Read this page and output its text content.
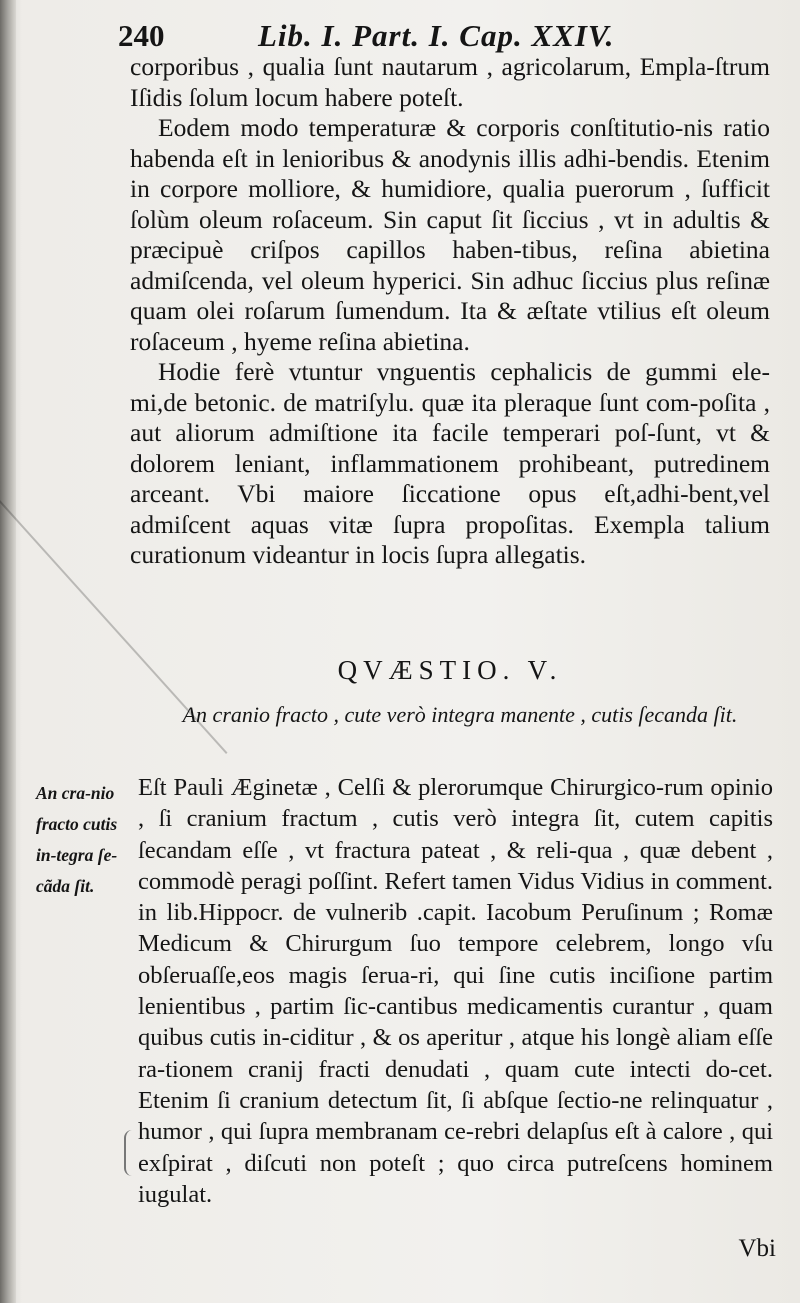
240	Lib. I. Part. I. Cap. XXIV.

corporibus , qualia ſunt nautarum , agricolarum, Empla-ſtrum Iſidis ſolum locum habere poteſt.

Eodem modo temperaturæ & corporis conſtitutio-nis ratio habenda eſt in lenioribus & anodynis illis adhi-bendis. Etenim in corpore molliore, & humidiore, qualia puerorum , ſufficit ſolùm oleum roſaceum. Sin caput ſit ſiccius , vt in adultis & præcipuè criſpos capillos haben-tibus, reſina abietina admiſcenda, vel oleum hyperici. Sin adhuc ſiccius plus reſinæ quam olei roſarum ſumendum. Ita & æſtate vtilius eſt oleum roſaceum , hyeme reſina abietina.

Hodie ferè vtuntur vnguentis cephalicis de gummi ele-mi,de betonic. de matriſylu. quæ ita pleraque ſunt com-poſita , aut aliorum admiſtione ita facile temperari poſ-ſunt, vt & dolorem leniant, inflammationem prohibeant, putredinem arceant. Vbi maiore ſiccatione opus eſt,adhi-bent,vel admiſcent aquas vitæ ſupra propoſitas. Exempla talium curationum videantur in locis ſupra allegatis.

QVÆSTIO. V.
An cranio fracto , cute verò integra manente , cutis ſecanda ſit.
An cra-nio fracto cutis in-tegra ſe-cãda ſit.

Eſt Pauli Æginetæ , Celſi & plerorumque Chirurgico-rum opinio , ſi cranium fractum , cutis verò integra ſit, cutem capitis ſecandam eſſe , vt fractura pateat , & reli-qua , quæ debent , commodè peragi poſſint. Refert tamen Vidus Vidius in comment. in lib.Hippocr. de vulnerib .capit. Iacobum Peruſinum ; Romæ Medicum & Chirurgum ſuo tempore celebrem, longo vſu obſeruaſſe,eos magis ſerua-ri, qui ſine cutis inciſione partim lenientibus , partim ſic-cantibus medicamentis curantur , quam quibus cutis in-ciditur , & os aperitur , atque his longè aliam eſſe ra-tionem cranij fracti denudati , quam cute intecti do-cet. Etenim ſi cranium detectum ſit, ſi abſque ſectio-ne relinquatur , humor , qui ſupra membranam ce-rebri delapſus eſt à calore , qui exſpirat , diſcuti non poteſt ; quo circa putreſcens hominem iugulat.

Vbi
